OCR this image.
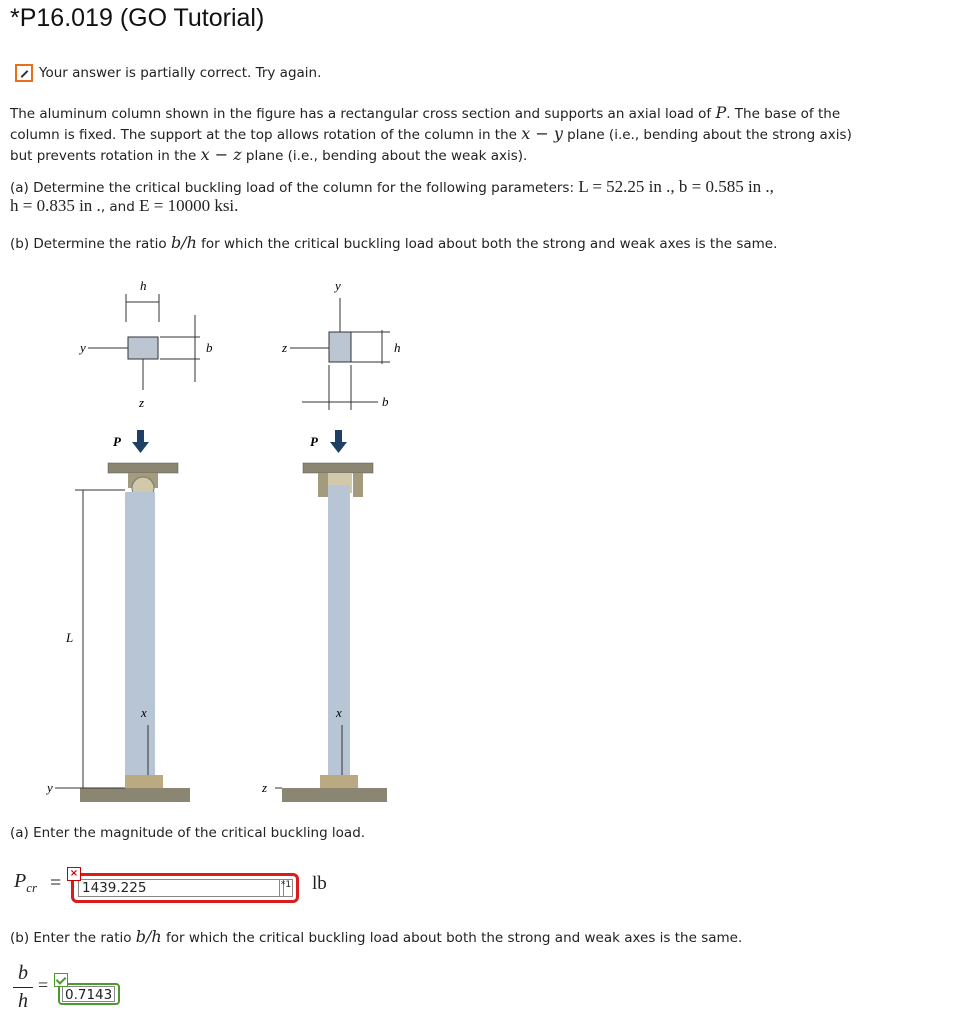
*P16.019 (GO Tutorial)
Your answer is partially correct. Try again.
The aluminum column shown in the figure has a rectangular cross section and supports an axial load of P. The base of the
column is fixed. The support at the top allows rotation of the column in the x − y plane (i.e., bending about the strong axis)
but prevents rotation in the x − z plane (i.e., bending about the weak axis).
(a) Determine the critical buckling load of the column for the following parameters: L = 52.25 in ., b = 0.585 in .,
h = 0.835 in ., and E = 10000 ksi.
(b) Determine the ratio b/h for which the critical buckling load about both the strong and weak axes is the same.
h
y
z
b
y
z	h
b
P
x
L
y
P
x
z
(a) Enter the magnitude of the critical buckling load.
$P_{cr} = 1439.225$	*1
×	lb
(b) Enter the ratio b/h for which the critical buckling load about both the strong and weak axes is the same.
b
h
= 0.7143
